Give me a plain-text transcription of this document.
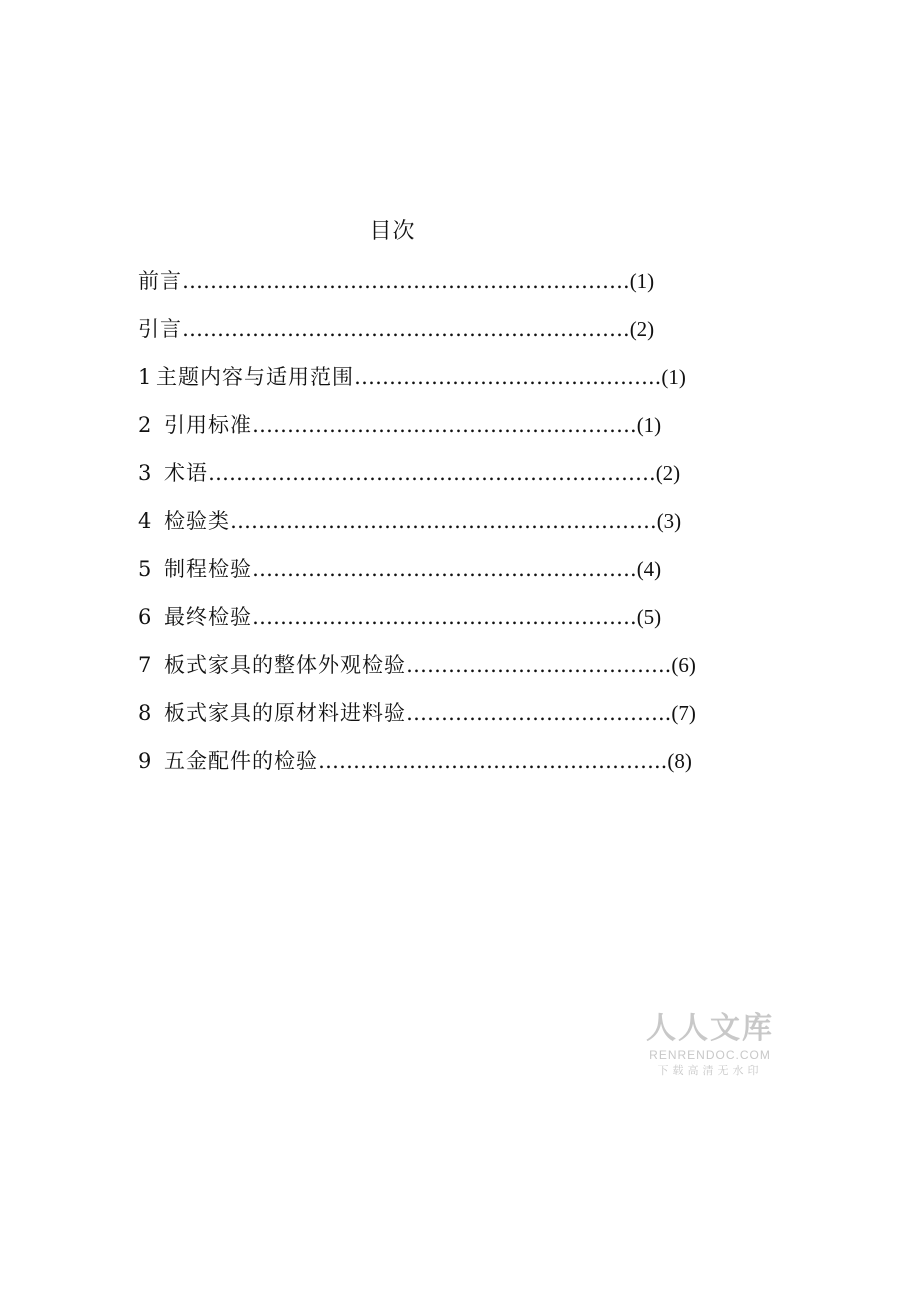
目次
前言……………………………………………………….(1)
引言……………………………………………………….(2)
1 主题内容与适用范围……………………………………..(1)
2 引用标准……………………………………………….(1)
3 术语……………………………………………………….(2)
4 检验类…………………………………………………….(3)
5 制程检验……………………………………………….(4)
6 最终检验……………………………………………….(5)
7 板式家具的整体外观检验………………………………..(6)
8 板式家具的原材料进料验………………………………..(7)
9 五金配件的检验…………………………………………..(8)
人人文库
RENRENDOC.COM
下载高清无水印
